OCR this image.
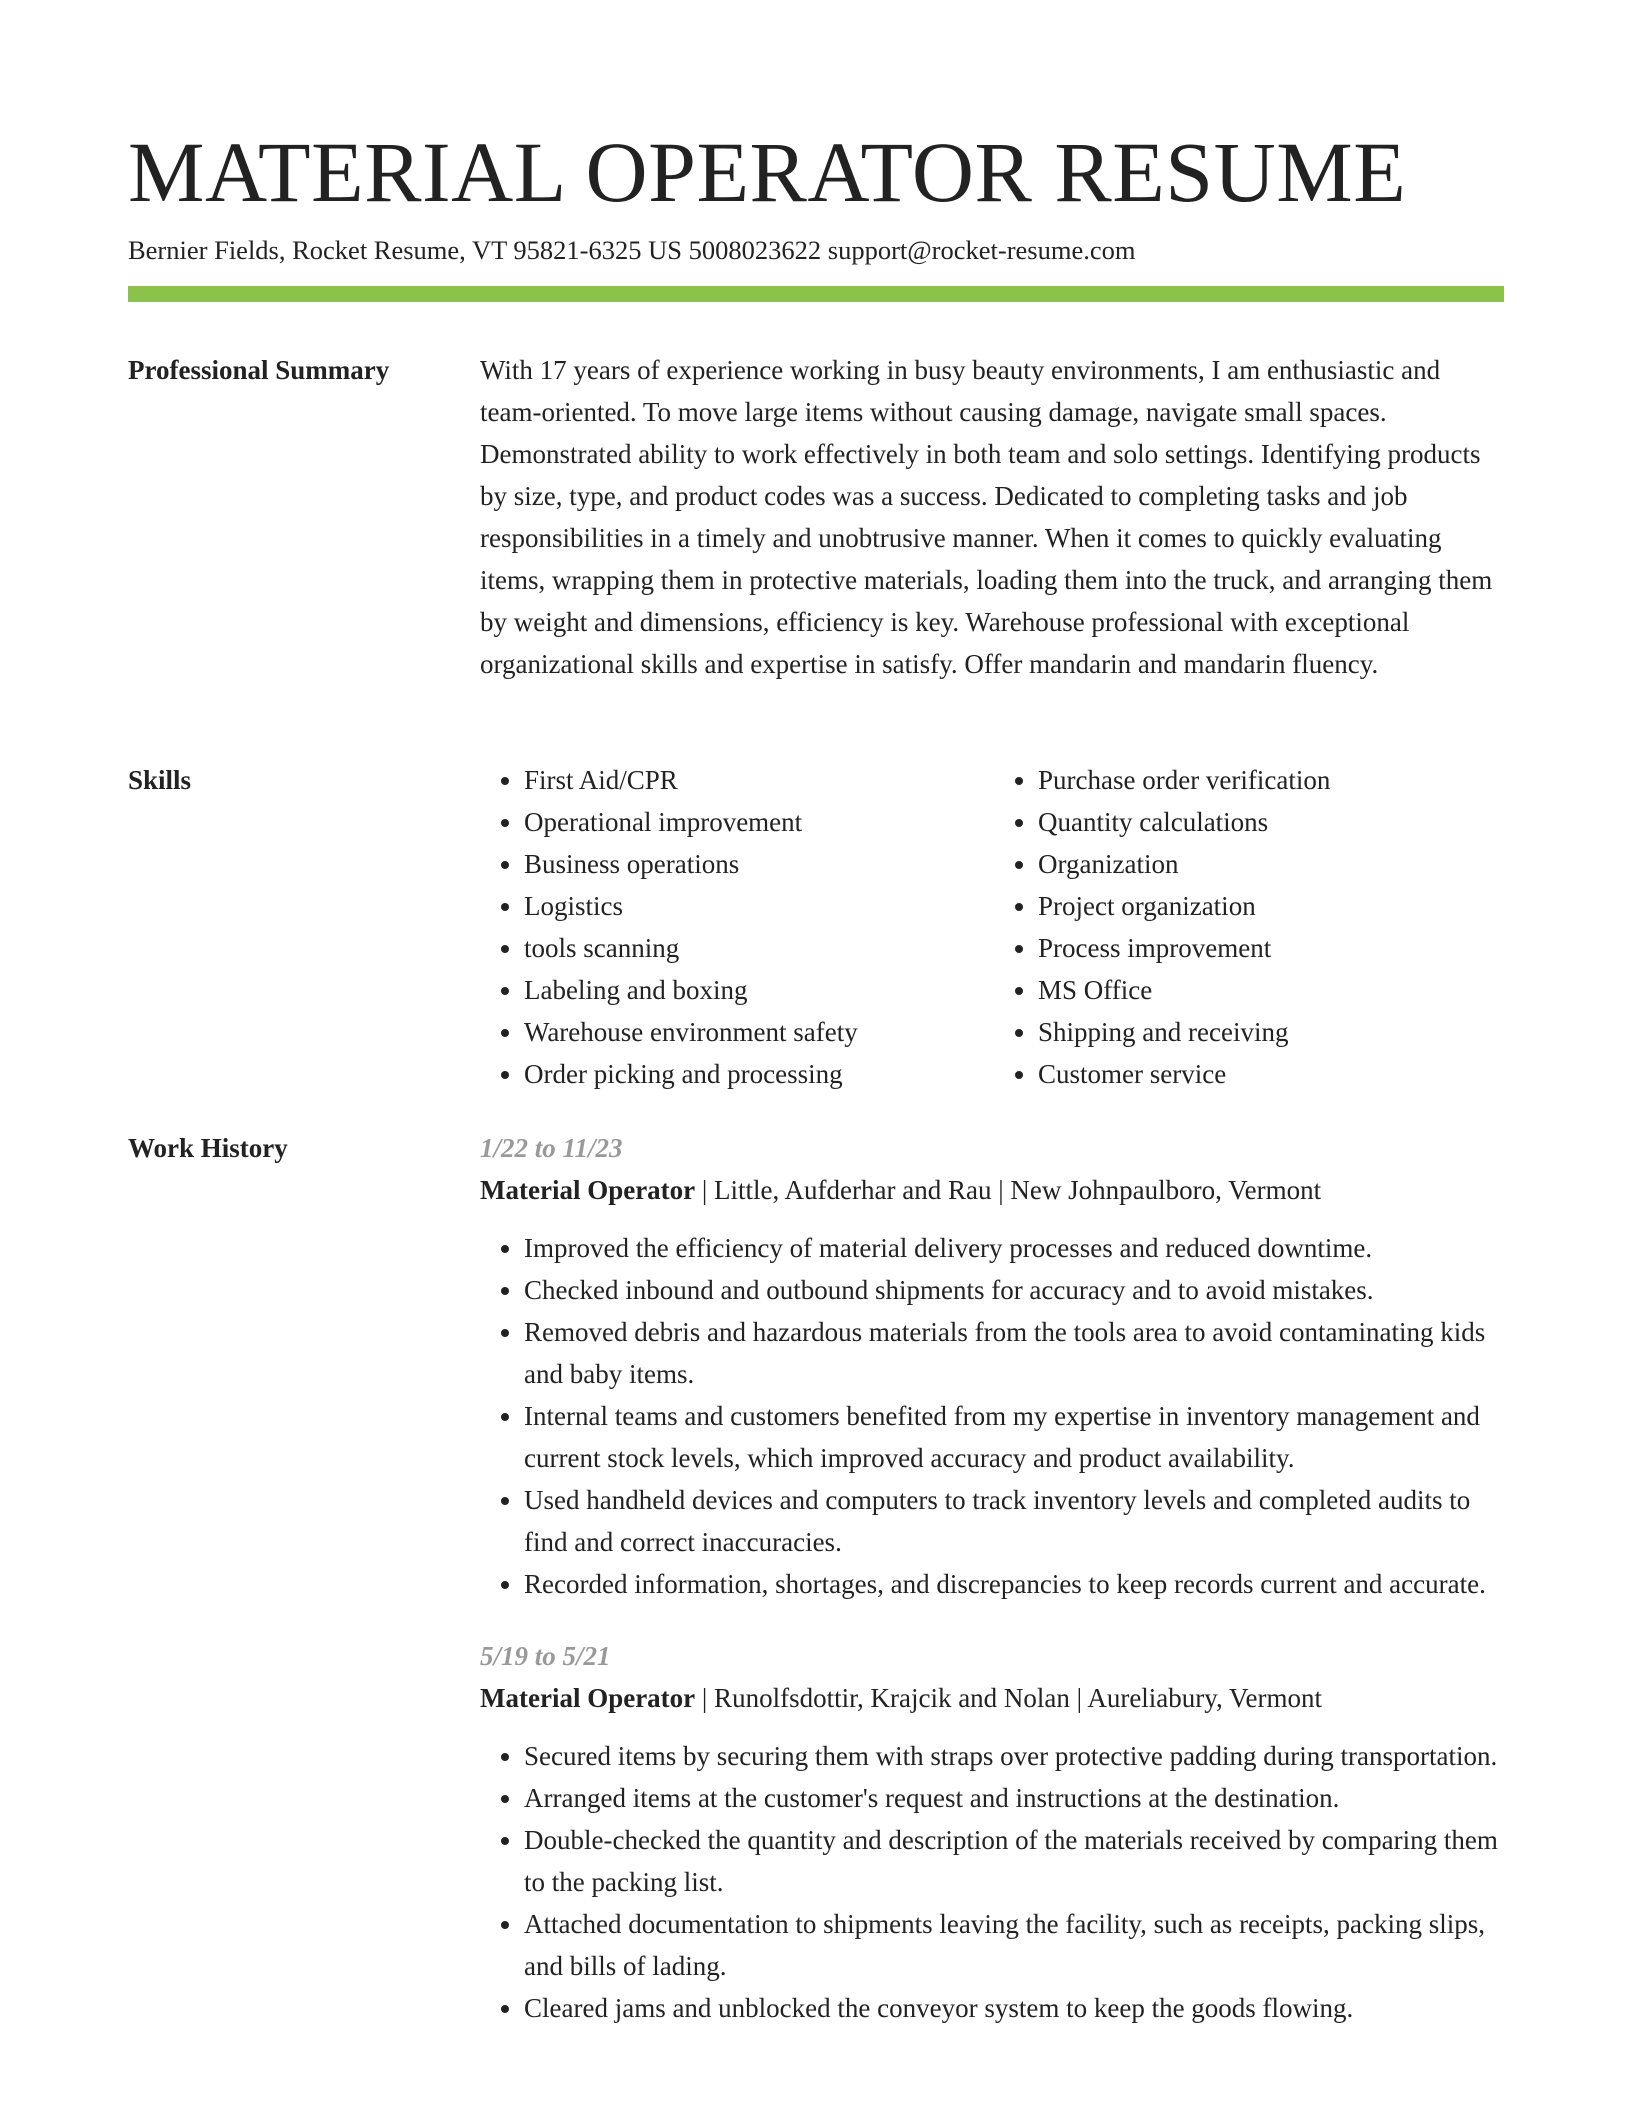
MATERIAL OPERATOR RESUME
Bernier Fields, Rocket Resume, VT 95821-6325 US 5008023622 support@rocket-resume.com
Professional Summary	With 17 years of experience working in busy beauty environments, I am enthusiastic and team-oriented. To move large items without causing damage, navigate small spaces. Demonstrated ability to work effectively in both team and solo settings. Identifying products by size, type, and product codes was a success. Dedicated to completing tasks and job responsibilities in a timely and unobtrusive manner. When it comes to quickly evaluating items, wrapping them in protective materials, loading them into the truck, and arranging them by weight and dimensions, efficiency is key. Warehouse professional with exceptional organizational skills and expertise in satisfy. Offer mandarin and mandarin fluency.

Skills
•	First Aid/CPR
• Operational improvement
• Business operations
• Logistics
• tools scanning
• Labeling and boxing
• Warehouse environment safety
• Order picking and processing
• Purchase order verification
• Quantity calculations
• Organization
• Project organization
• Process improvement
• MS Office
• Shipping and receiving
• Customer service
Work History	1/22 to 11/23
Material Operator | Little, Aufderhar and Rau | New Johnpaulboro, Vermont
• Improved the efficiency of material delivery processes and reduced downtime.
• Checked inbound and outbound shipments for accuracy and to avoid mistakes.
• Removed debris and hazardous materials from the tools area to avoid contaminating kids and baby items.
• Internal teams and customers benefited from my expertise in inventory management and current stock levels, which improved accuracy and product availability.
• Used handheld devices and computers to track inventory levels and completed audits to find and correct inaccuracies.
• Recorded information, shortages, and discrepancies to keep records current and accurate.
5/19 to 5/21
Material Operator | Runolfsdottir, Krajcik and Nolan | Aureliabury, Vermont
• Secured items by securing them with straps over protective padding during transportation.
• Arranged items at the customer's request and instructions at the destination.
• Double-checked the quantity and description of the materials received by comparing them to the packing list.
• Attached documentation to shipments leaving the facility, such as receipts, packing slips, and bills of lading.
• Cleared jams and unblocked the conveyor system to keep the goods flowing.
